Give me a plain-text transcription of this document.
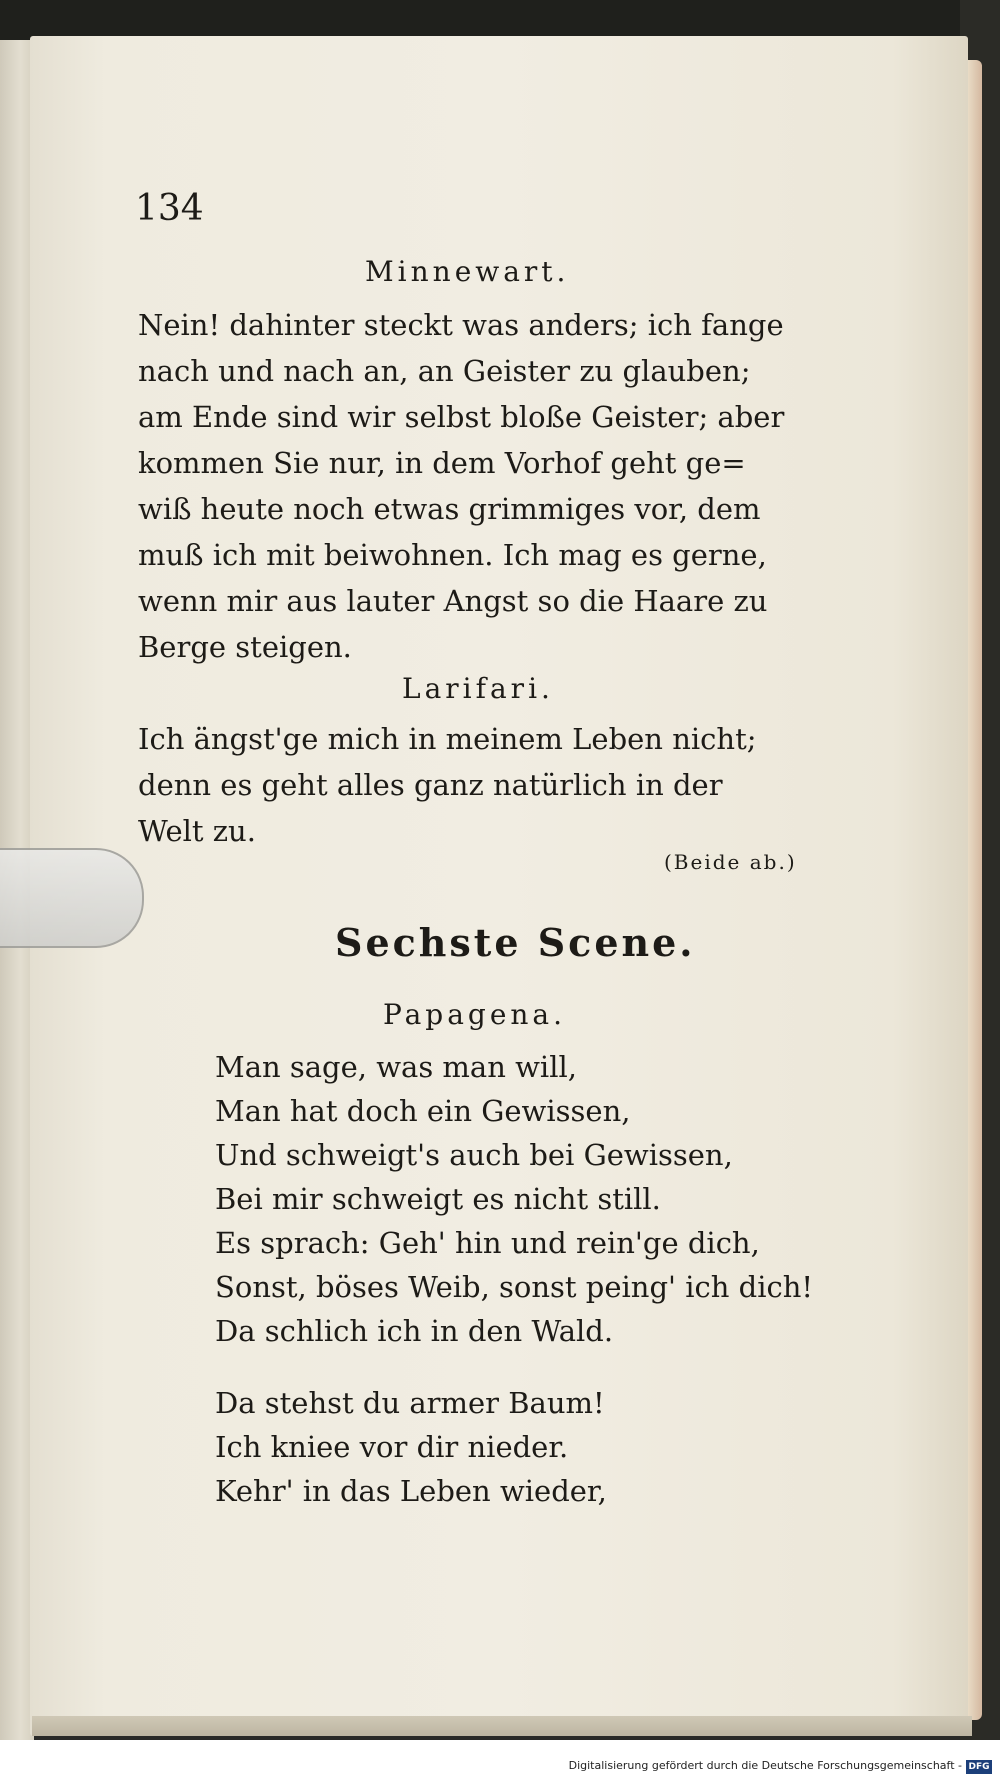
134
Minnewart.
Nein! dahinter steckt was anders; ich fange
nach und nach an, an Geister zu glauben;
am Ende sind wir selbst bloße Geister; aber
kommen Sie nur, in dem Vorhof geht ge=
wiß heute noch etwas grimmiges vor, dem
muß ich mit beiwohnen. Ich mag es gerne,
wenn mir aus lauter Angst so die Haare zu
Berge steigen.
Larifari.
Ich ängst'ge mich in meinem Leben nicht;
denn es geht alles ganz natürlich in der
Welt zu.
(Beide ab.)
Sechste Scene.
Papagena.
Man sage, was man will,
Man hat doch ein Gewissen,
Und schweigt's auch bei Gewissen,
Bei mir schweigt es nicht still.
Es sprach: Geh' hin und rein'ge dich,
Sonst, böses Weib, sonst peing' ich dich!
Da schlich ich in den Wald.
Da stehst du armer Baum!
Ich kniee vor dir nieder.
Kehr' in das Leben wieder,
Digitalisierung gefördert durch die Deutsche Forschungsgemeinschaft - DFG
